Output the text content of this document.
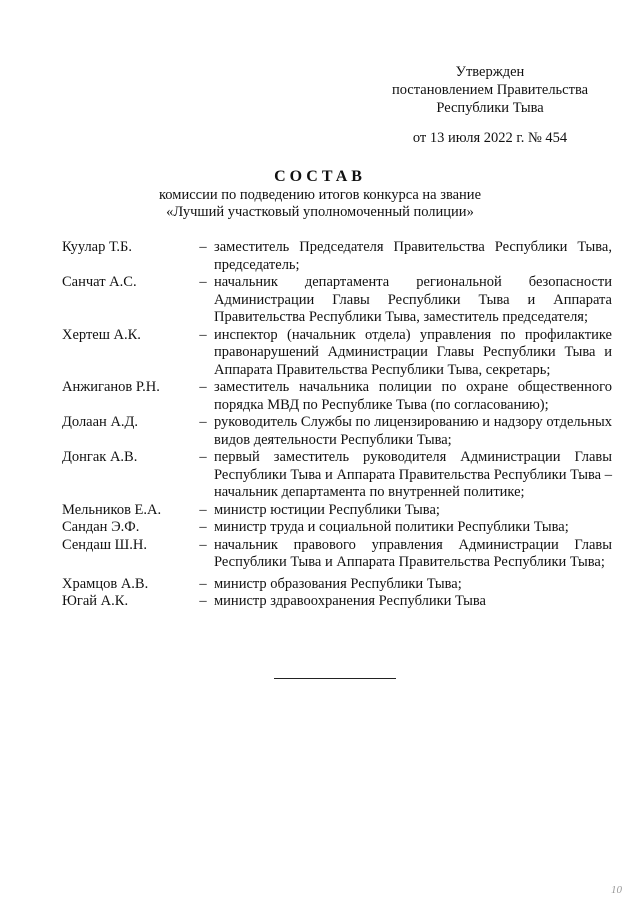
Утвержден
постановлением Правительства
Республики Тыва
от 13 июля 2022 г. № 454
СОСТАВ
комиссии по подведению итогов конкурса на звание
«Лучший участковый уполномоченный полиции»
Куулар Т.Б.	– заместитель Председателя Правительства Республики Тыва, председатель;
Санчат А.С.	– начальник департамента региональной безопасности Администрации Главы Республики Тыва и Аппарата Правительства Республики Тыва, заместитель председателя;
Хертеш А.К.	– инспектор (начальник отдела) управления по профилактике правонарушений Администрации Главы Республики Тыва и Аппарата Правительства Республики Тыва, секретарь;
Анжиганов Р.Н.	– заместитель начальника полиции по охране общественного порядка МВД по Республике Тыва (по согласованию);
Долаан А.Д.	– руководитель Службы по лицензированию и надзору отдельных видов деятельности Республики Тыва;
Донгак А.В.	– первый заместитель руководителя Администрации Главы Республики Тыва и Аппарата Правительства Республики Тыва – начальник департамента по внутренней политике;
Мельников Е.А.	– министр юстиции Республики Тыва;
Сандан Э.Ф.	– министр труда и социальной политики Республики Тыва;
Сендаш Ш.Н.	– начальник правового управления Администрации Главы Республики Тыва и Аппарата Правительства Республики Тыва;
Храмцов А.В.	– министр образования Республики Тыва;
Югай А.К.	– министр здравоохранения Республики Тыва
10
